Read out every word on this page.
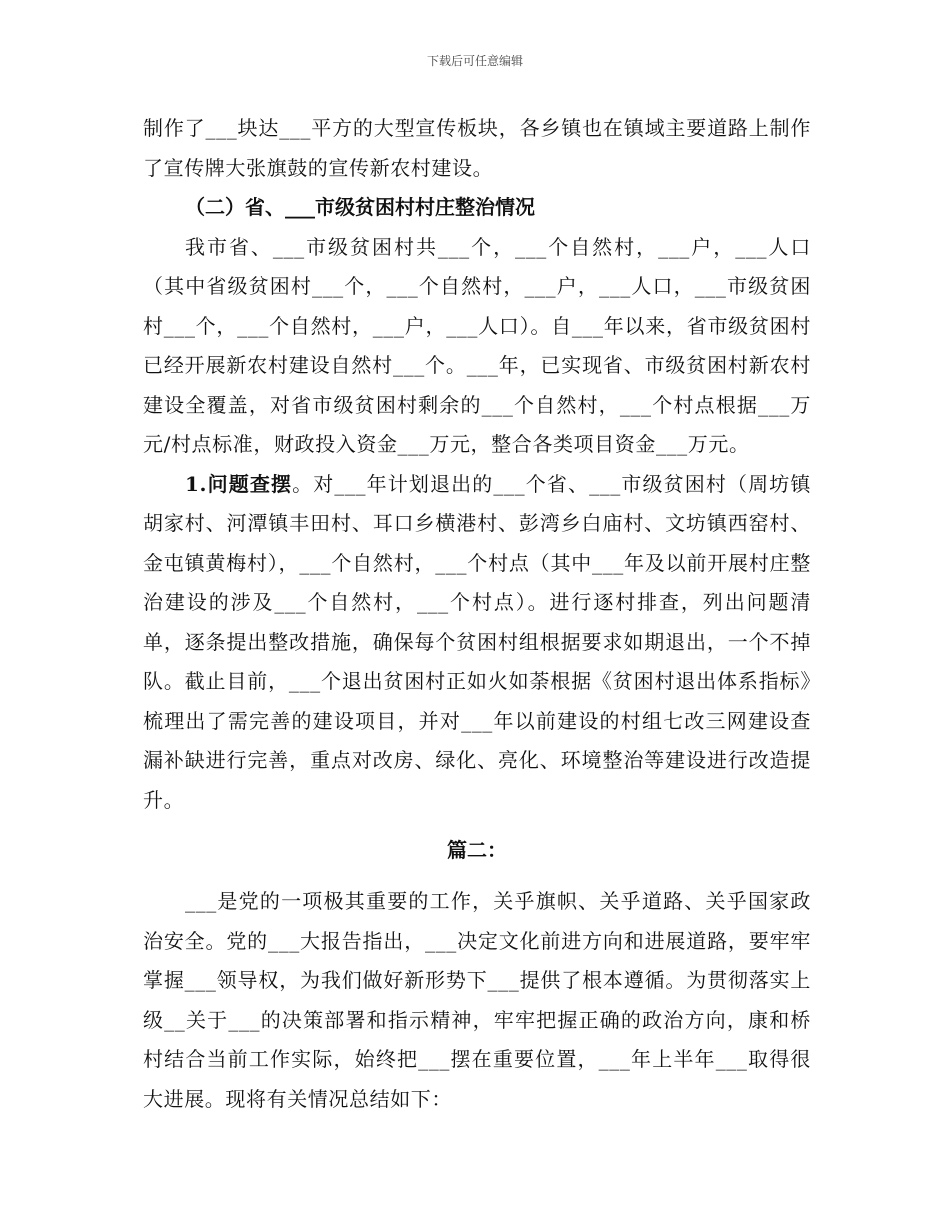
下载后可任意编辑

制作了___块达___平方的大型宣传板块，各乡镇也在镇域主要道路上制作了宣传牌大张旗鼓的宣传新农村建设。

（二）省、___市级贫困村村庄整治情况

我市省、___市级贫困村共___个，___个自然村，___户，___人口（其中省级贫困村___个，___个自然村，___户，___人口，___市级贫困村___个，___个自然村，___户，___人口）。自___年以来，省市级贫困村已经开展新农村建设自然村___个。___年，已实现省、市级贫困村新农村建设全覆盖，对省市级贫困村剩余的___个自然村，___个村点根据___万元/村点标准，财政投入资金___万元，整合各类项目资金___万元。

1.问题查摆。对___年计划退出的___个省、___市级贫困村（周坊镇胡家村、河潭镇丰田村、耳口乡横港村、彭湾乡白庙村、文坊镇西窑村、金屯镇黄梅村），___个自然村，___个村点（其中___年及以前开展村庄整治建设的涉及___个自然村，___个村点）。进行逐村排查，列出问题清单，逐条提出整改措施，确保每个贫困村组根据要求如期退出，一个不掉队。截止目前，___个退出贫困村正如火如荼根据《贫困村退出体系指标》梳理出了需完善的建设项目，并对___年以前建设的村组七改三网建设查漏补缺进行完善，重点对改房、绿化、亮化、环境整治等建设进行改造提升。

篇二：

___是党的一项极其重要的工作，关乎旗帜、关乎道路、关乎国家政治安全。党的___大报告指出，___决定文化前进方向和进展道路，要牢牢掌握___领导权，为我们做好新形势下___提供了根本遵循。为贯彻落实上级__关于___的决策部署和指示精神，牢牢把握正确的政治方向，康和桥村结合当前工作实际，始终把___摆在重要位置，___年上半年___取得很大进展。现将有关情况总结如下：
